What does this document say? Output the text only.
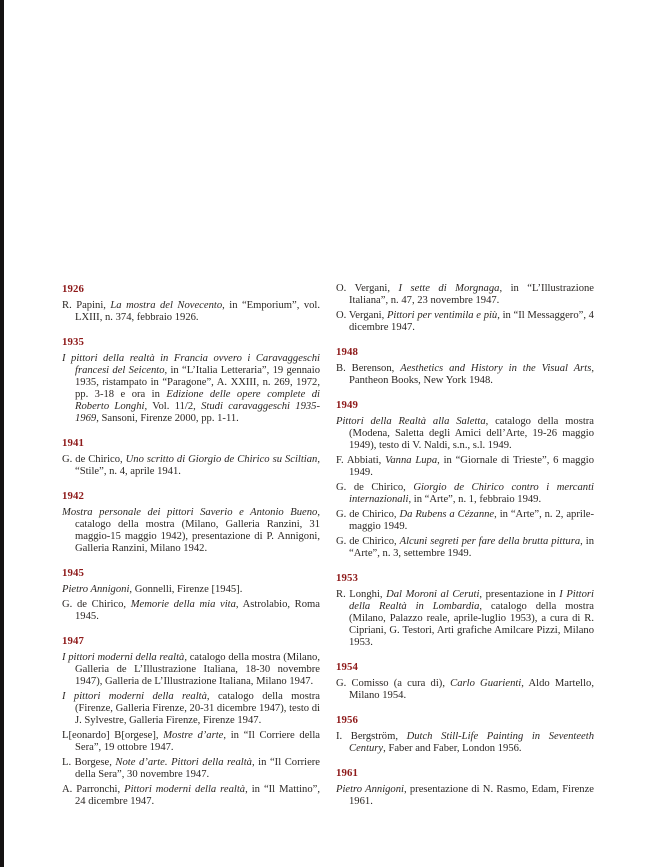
1926
R. Papini, La mostra del Novecento, in “Emporium”, vol. LXIII, n. 374, febbraio 1926.
1935
I pittori della realtà in Francia ovvero i Caravaggeschi francesi del Seicento, in “L’Italia Letteraria”, 19 gennaio 1935, ristampato in “Paragone”, A. XXIII, n. 269, 1972, pp. 3-18 e ora in Edizione delle opere complete di Roberto Longhi, Vol. 11/2, Studi caravaggeschi 1935-1969, Sansoni, Firenze 2000, pp. 1-11.
1941
G. de Chirico, Uno scritto di Giorgio de Chirico su Sciltian, “Stile”, n. 4, aprile 1941.
1942
Mostra personale dei pittori Saverio e Antonio Bueno, catalogo della mostra (Milano, Galleria Ranzini, 31 maggio-15 maggio 1942), presentazione di P. Annigoni, Galleria Ranzini, Milano 1942.
1945
Pietro Annigoni, Gonnelli, Firenze [1945].
G. de Chirico, Memorie della mia vita, Astrolabio, Roma 1945.
1947
I pittori moderni della realtà, catalogo della mostra (Milano, Galleria de L’Illustrazione Italiana, 18-30 novembre 1947), Galleria de L’Illustrazione Italiana, Milano 1947.
I pittori moderni della realtà, catalogo della mostra (Firenze, Galleria Firenze, 20-31 dicembre 1947), testo di J. Sylvestre, Galleria Firenze, Firenze 1947.
L[eonardo] B[orgese], Mostre d’arte, in “Il Corriere della Sera”, 19 ottobre 1947.
L. Borgese, Note d’arte. Pittori della realtà, in “Il Corriere della Sera”, 30 novembre 1947.
A. Parronchi, Pittori moderni della realtà, in “Il Mattino”, 24 dicembre 1947.
O. Vergani, I sette di Morgnaga, in “L’Illustrazione Italiana”, n. 47, 23 novembre 1947.
O. Vergani, Pittori per ventimila e più, in “Il Messaggero”, 4 dicembre 1947.
1948
B. Berenson, Aesthetics and History in the Visual Arts, Pantheon Books, New York 1948.
1949
Pittori della Realtà alla Saletta, catalogo della mostra (Modena, Saletta degli Amici dell’Arte, 19-26 maggio 1949), testo di V. Naldi, s.n., s.l. 1949.
F. Abbiati, Vanna Lupa, in “Giornale di Trieste”, 6 maggio 1949.
G. de Chirico, Giorgio de Chirico contro i mercanti internazionali, in “Arte”, n. 1, febbraio 1949.
G. de Chirico, Da Rubens a Cézanne, in “Arte”, n. 2, aprile-maggio 1949.
G. de Chirico, Alcuni segreti per fare della brutta pittura, in “Arte”, n. 3, settembre 1949.
1953
R. Longhi, Dal Moroni al Ceruti, presentazione in I Pittori della Realtà in Lombardia, catalogo della mostra (Milano, Palazzo reale, aprile-luglio 1953), a cura di R. Cipriani, G. Testori, Arti grafiche Amilcare Pizzi, Milano 1953.
1954
G. Comisso (a cura di), Carlo Guarienti, Aldo Martello, Milano 1954.
1956
I. Bergström, Dutch Still-Life Painting in Seventeeth Century, Faber and Faber, London 1956.
1961
Pietro Annigoni, presentazione di N. Rasmo, Edam, Firenze 1961.
